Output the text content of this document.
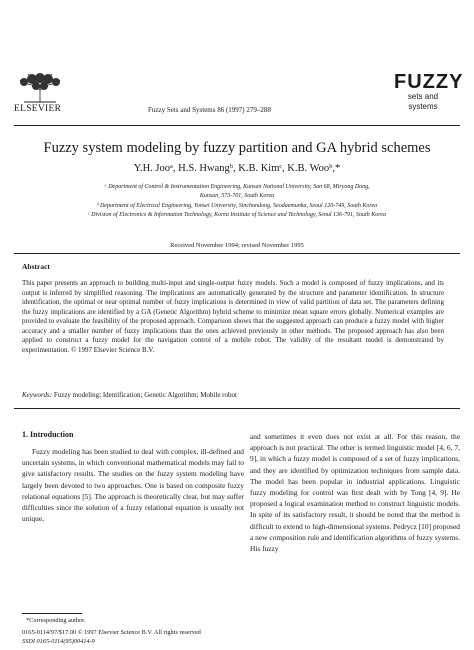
ELSEVIER	Fuzzy Sets and Systems 86 (1997) 279–288
FUZZY
sets and systems
Fuzzy system modeling by fuzzy partition and GA hybrid schemes
Y.H. Jooᵃ, H.S. Hwangᵇ, K.B. Kimᶜ, K.B. Wooᵇ,*
ᵃ Department of Control & Instrumentation Engineering, Kunsan National University, San 68, Miryong Dong,
Kunsan, 573-701, South Korea
ᵇ Department of Electrical Engineering, Yonsei University, Sinchondong, Seodaemunku, Seoul 120-749, South Korea
ᶜ Division of Electronics & Information Technology, Korea Institute of Science and Technology, Seoul 136-791, South Korea
Received November 1994; revised November 1995
Abstract
This paper presents an approach to building multi-input and single-output fuzzy models. Such a model is composed of fuzzy implications, and its output is inferred by simplified reasoning. The implications are automatically generated by the structure and parameter identification. In structure identification, the optimal or near optimal number of fuzzy implications is determined in view of valid partition of data set. The parameters defining the fuzzy implications are identified by a GA (Genetic Algorithm) hybrid scheme to minimize mean square errors globally. Numerical examples are provided to evaluate the feasibility of the proposed approach. Comparison shows that the suggested approach can produce a fuzzy model with higher accuracy and a smaller number of fuzzy implications than the ones achieved previously in other methods. The proposed approach has also been applied to construct a fuzzy model for the navigation control of a mobile robot. The validity of the resultant model is demonstrated by experimentation. © 1997 Elsevier Science B.V.
Keywords: Fuzzy modeling; Identification; Genetic Algorithm; Mobile robot
1. Introduction
Fuzzy modeling has been studied to deal with complex, ill-defined and uncertain systems, in which conventional mathematical models may fail to give satisfactory results. The studies on the fuzzy system modeling have largely been devoted to two approaches. One is based on composite fuzzy relational equations [5]. The approach is theoretically clear, but may suffer difficulties since the solution of a fuzzy relational equation is usually not unique,
and sometimes it even does not exist at all. For this reason, the approach is not practical. The other is termed linguistic model [4, 6, 7, 9], in which a fuzzy model is composed of a set of fuzzy implications, and they are identified by optimization techniques from sample data. The model has been popular in industrial applications. Linguistic fuzzy modeling for control was first dealt with by Tong [4, 9]. He proposed a logical examination method to construct linguistic models. In spite of its satisfactory result, it should be noted that the method is difficult to extend to high-dimensional systems. Pedrycz [10] proposed a new composition rule and identification algorithms of fuzzy systems. His fuzzy
*Corresponding author.
0165-0114/97/$17.00 © 1997 Elsevier Science B.V. All rights reserved
SSDI 0165-0114(95)00414-9
